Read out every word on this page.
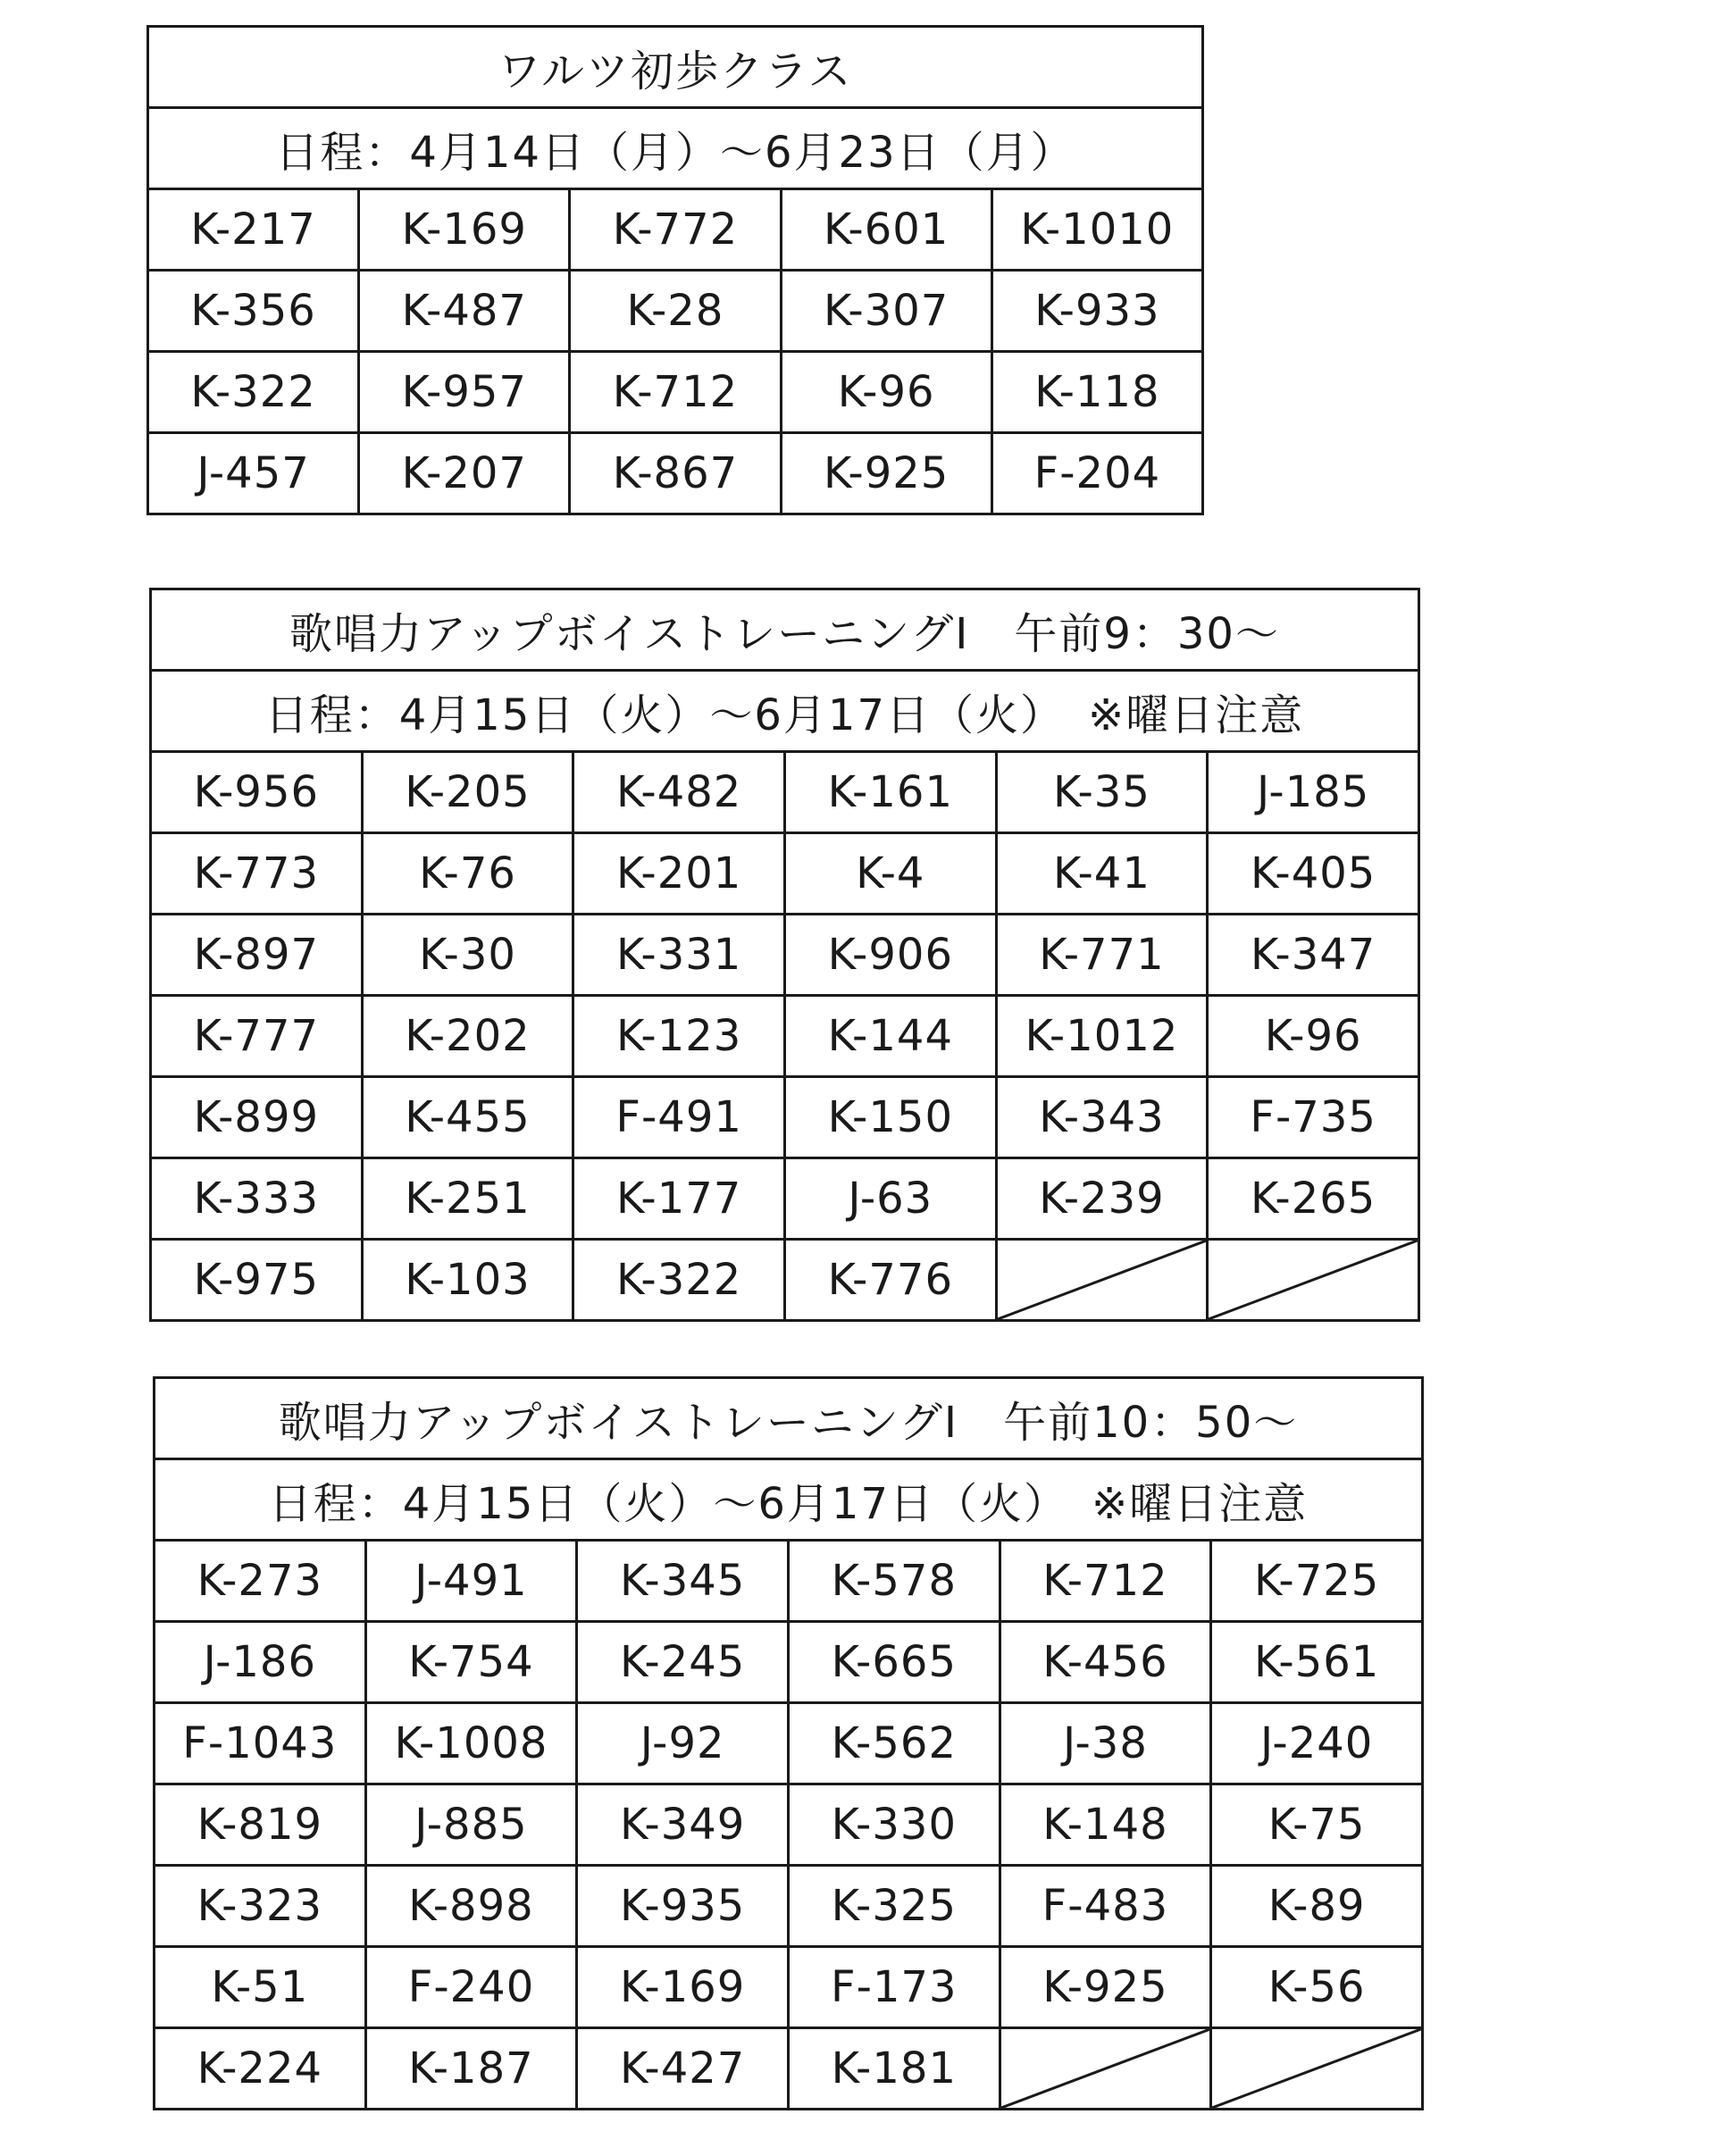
ワルツ初歩クラス				
日程：4月14日（月）〜6月23日（月）				
K-217	K-169	K-772	K-601	K-1010
K-356	K-487	K-28	K-307	K-933
K-322	K-957	K-712	K-96	K-118
J-457	K-207	K-867	K-925	F-204
歌唱力アップボイストレーニングⅠ　午前9：30〜					
日程：4月15日（火）〜6月17日（火）　※曜日注意					
K-956	K-205	K-482	K-161	K-35	J-185
K-773	K-76	K-201	K-4	K-41	K-405
K-897	K-30	K-331	K-906	K-771	K-347
K-777	K-202	K-123	K-144	K-1012	K-96
K-899	K-455	F-491	K-150	K-343	F-735
K-333	K-251	K-177	J-63	K-239	K-265
K-975	K-103	K-322	K-776	

歌唱力アップボイストレーニングⅠ　午前10：50〜					
日程：4月15日（火）〜6月17日（火）　※曜日注意					
K-273	J-491	K-345	K-578	K-712	K-725
J-186	K-754	K-245	K-665	K-456	K-561
F-1043	K-1008	J-92	K-562	J-38	J-240
K-819	J-885	K-349	K-330	K-148	K-75
K-323	K-898	K-935	K-325	F-483	K-89
K-51	F-240	K-169	F-173	K-925	K-56
K-224	K-187	K-427	K-181	
